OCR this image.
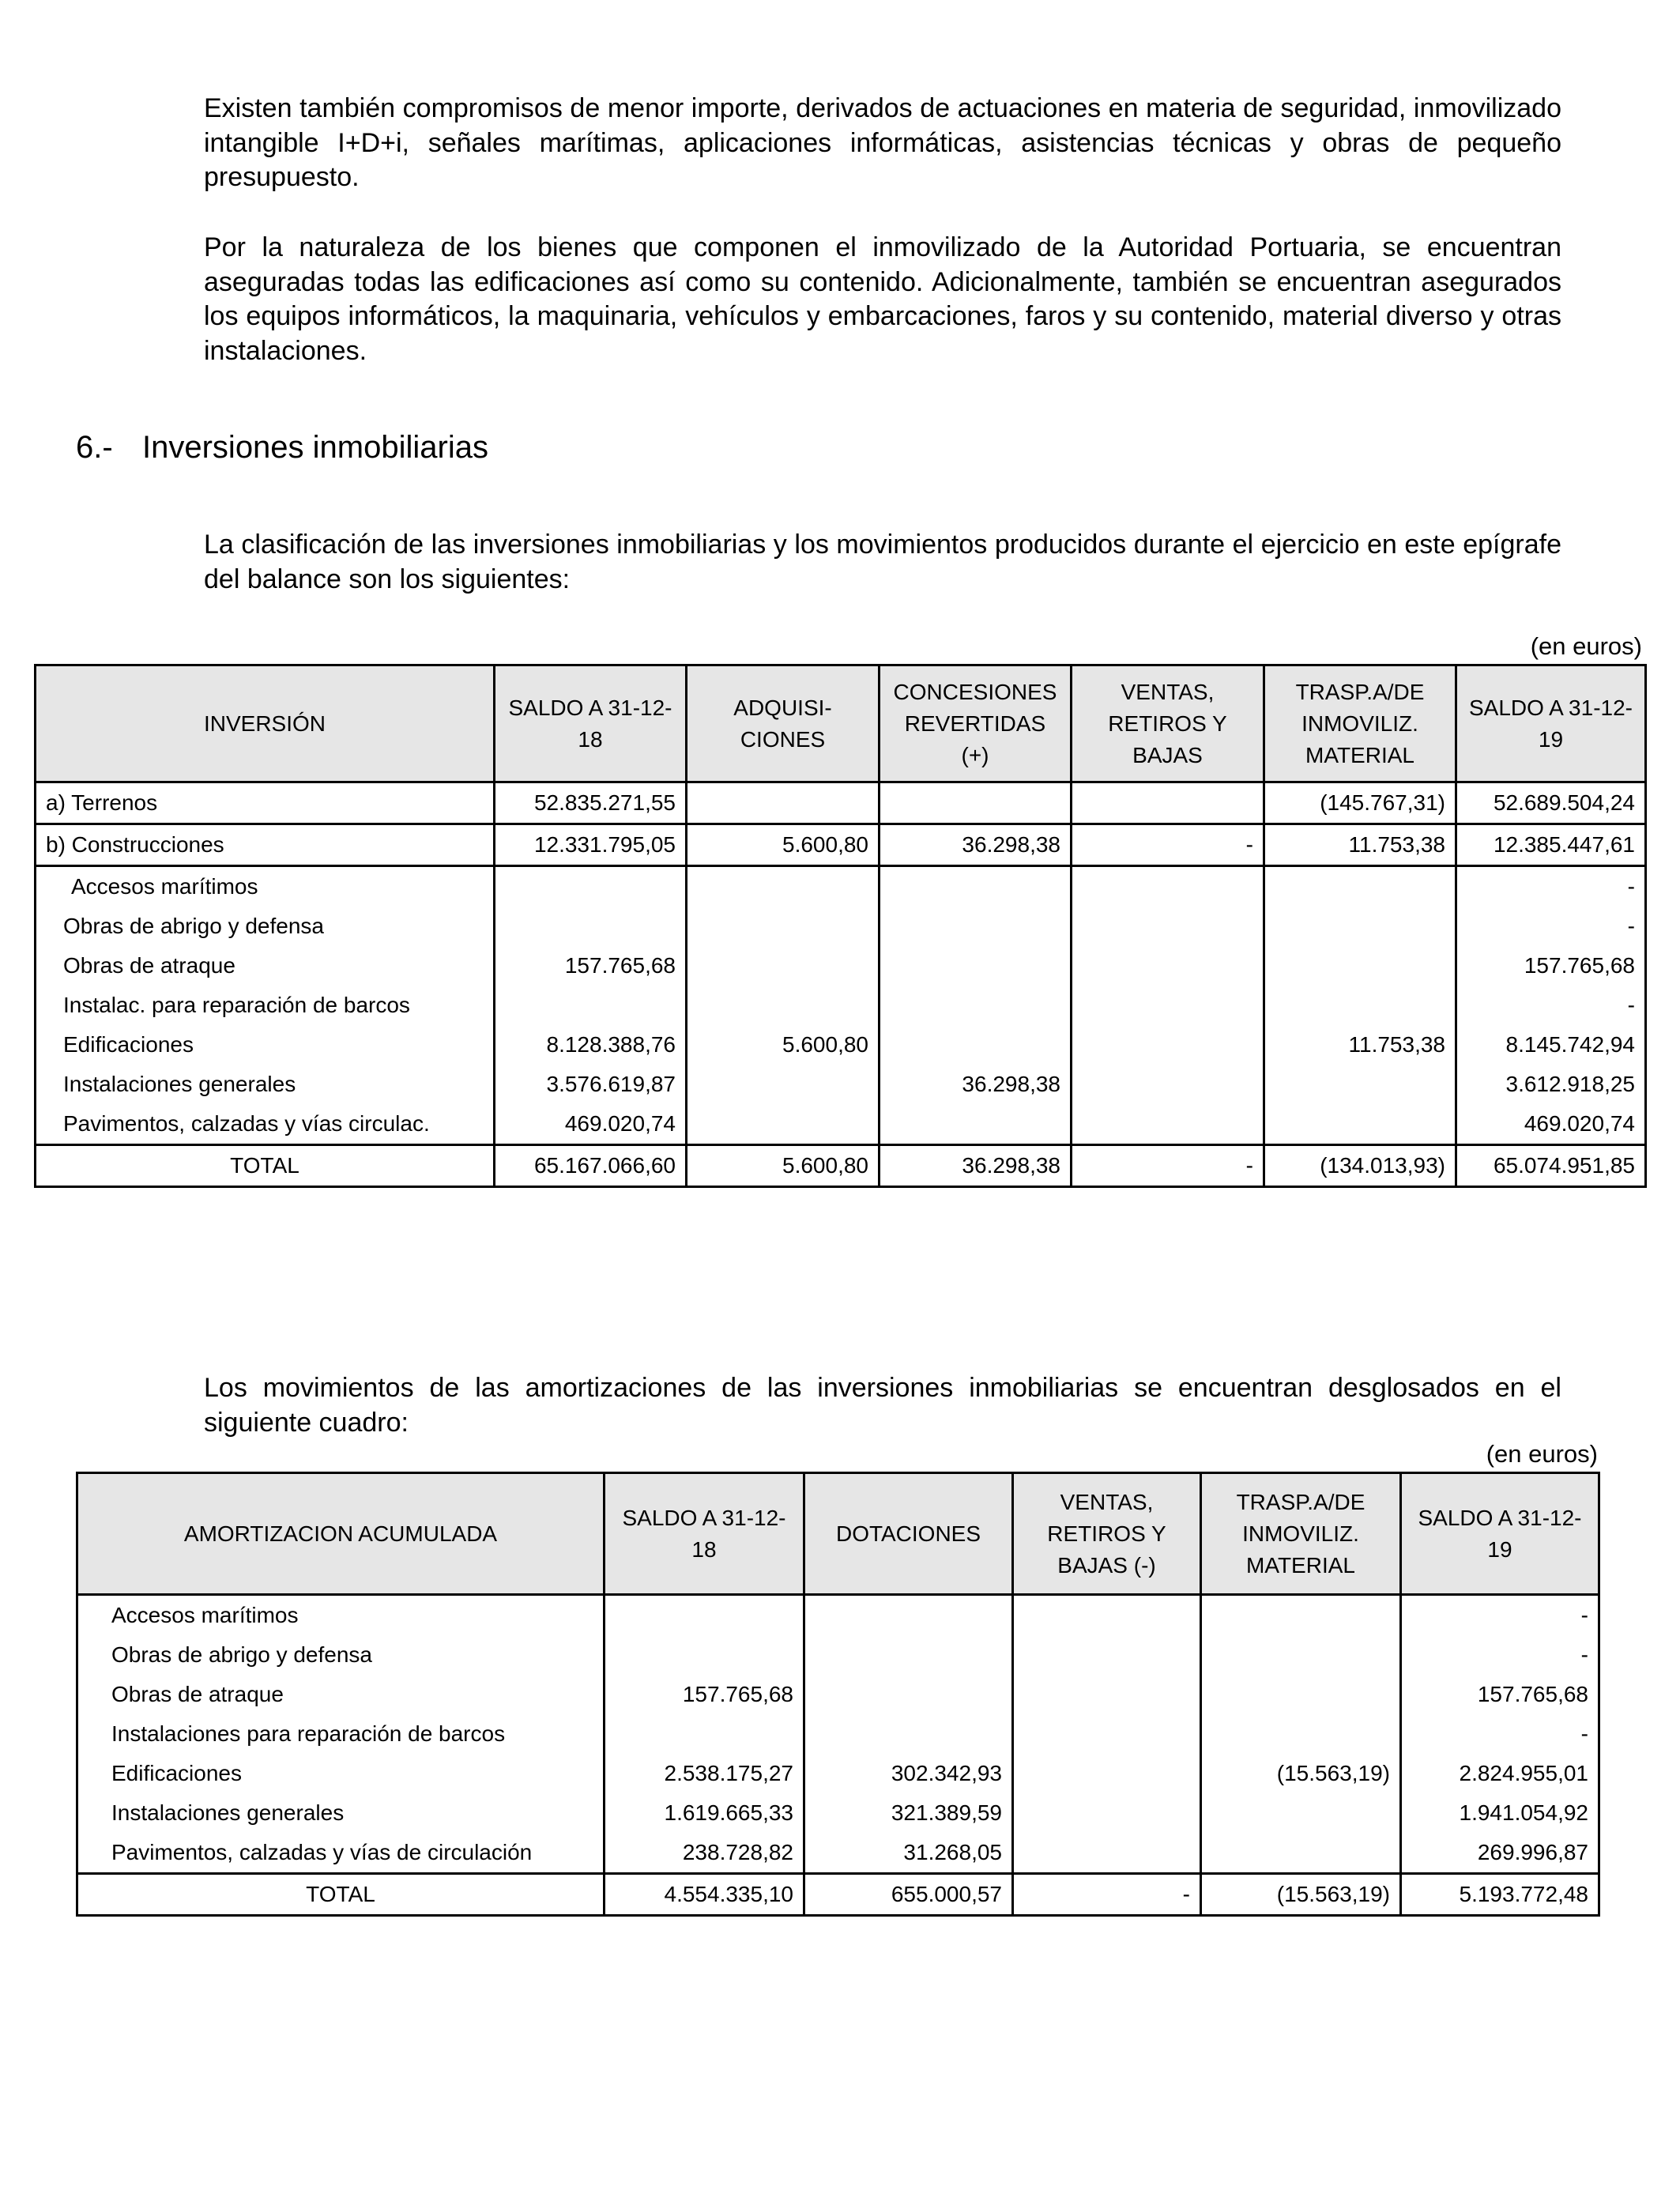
Existen también compromisos de menor importe, derivados de actuaciones en materia de seguridad, inmovilizado intangible I+D+i, señales marítimas, aplicaciones informáticas, asistencias técnicas y obras de pequeño presupuesto.

Por la naturaleza de los bienes que componen el inmovilizado de la Autoridad Portuaria, se encuentran aseguradas todas las edificaciones así como su contenido. Adicionalmente, también se encuentran asegurados los equipos informáticos, la maquinaria, vehículos y embarcaciones, faros y su contenido, material diverso y otras instalaciones.

6.- Inversiones inmobiliarias

La clasificación de las inversiones inmobiliarias y los movimientos producidos durante el ejercicio en este epígrafe del balance son los siguientes:

(en euros)
INVERSIÓN	SALDO A 31-12-18	ADQUISI-CIONES	CONCESIONES REVERTIDAS (+)	VENTAS, RETIROS Y BAJAS	TRASP.A/DE INMOVILIZ. MATERIAL	SALDO A 31-12-19
a) Terrenos	52.835.271,55				(145.767,31)	52.689.504,24
b) Construcciones	12.331.795,05	5.600,80	36.298,38	-	11.753,38	12.385.447,61
Accesos marítimos						-
Obras de abrigo y defensa						-
Obras de atraque	157.765,68					157.765,68
Instalac. para reparación de barcos						-
Edificaciones	8.128.388,76	5.600,80			11.753,38	8.145.742,94
Instalaciones generales	3.576.619,87		36.298,38			3.612.918,25
Pavimentos, calzadas y vías circulac.	469.020,74					469.020,74
TOTAL	65.167.066,60	5.600,80	36.298,38	-	(134.013,93)	65.074.951,85

Los movimientos de las amortizaciones de las inversiones inmobiliarias se encuentran desglosados en el siguiente cuadro:

(en euros)
AMORTIZACION ACUMULADA	SALDO A 31-12-18	DOTACIONES	VENTAS, RETIROS Y BAJAS (-)	TRASP.A/DE INMOVILIZ. MATERIAL	SALDO A 31-12-19
Accesos marítimos					-
Obras de abrigo y defensa					-
Obras de atraque	157.765,68				157.765,68
Instalaciones para reparación de barcos					-
Edificaciones	2.538.175,27	302.342,93		(15.563,19)	2.824.955,01
Instalaciones generales	1.619.665,33	321.389,59			1.941.054,92
Pavimentos, calzadas y vías de circulación	238.728,82	31.268,05			269.996,87
TOTAL	4.554.335,10	655.000,57	-	(15.563,19)	5.193.772,48
